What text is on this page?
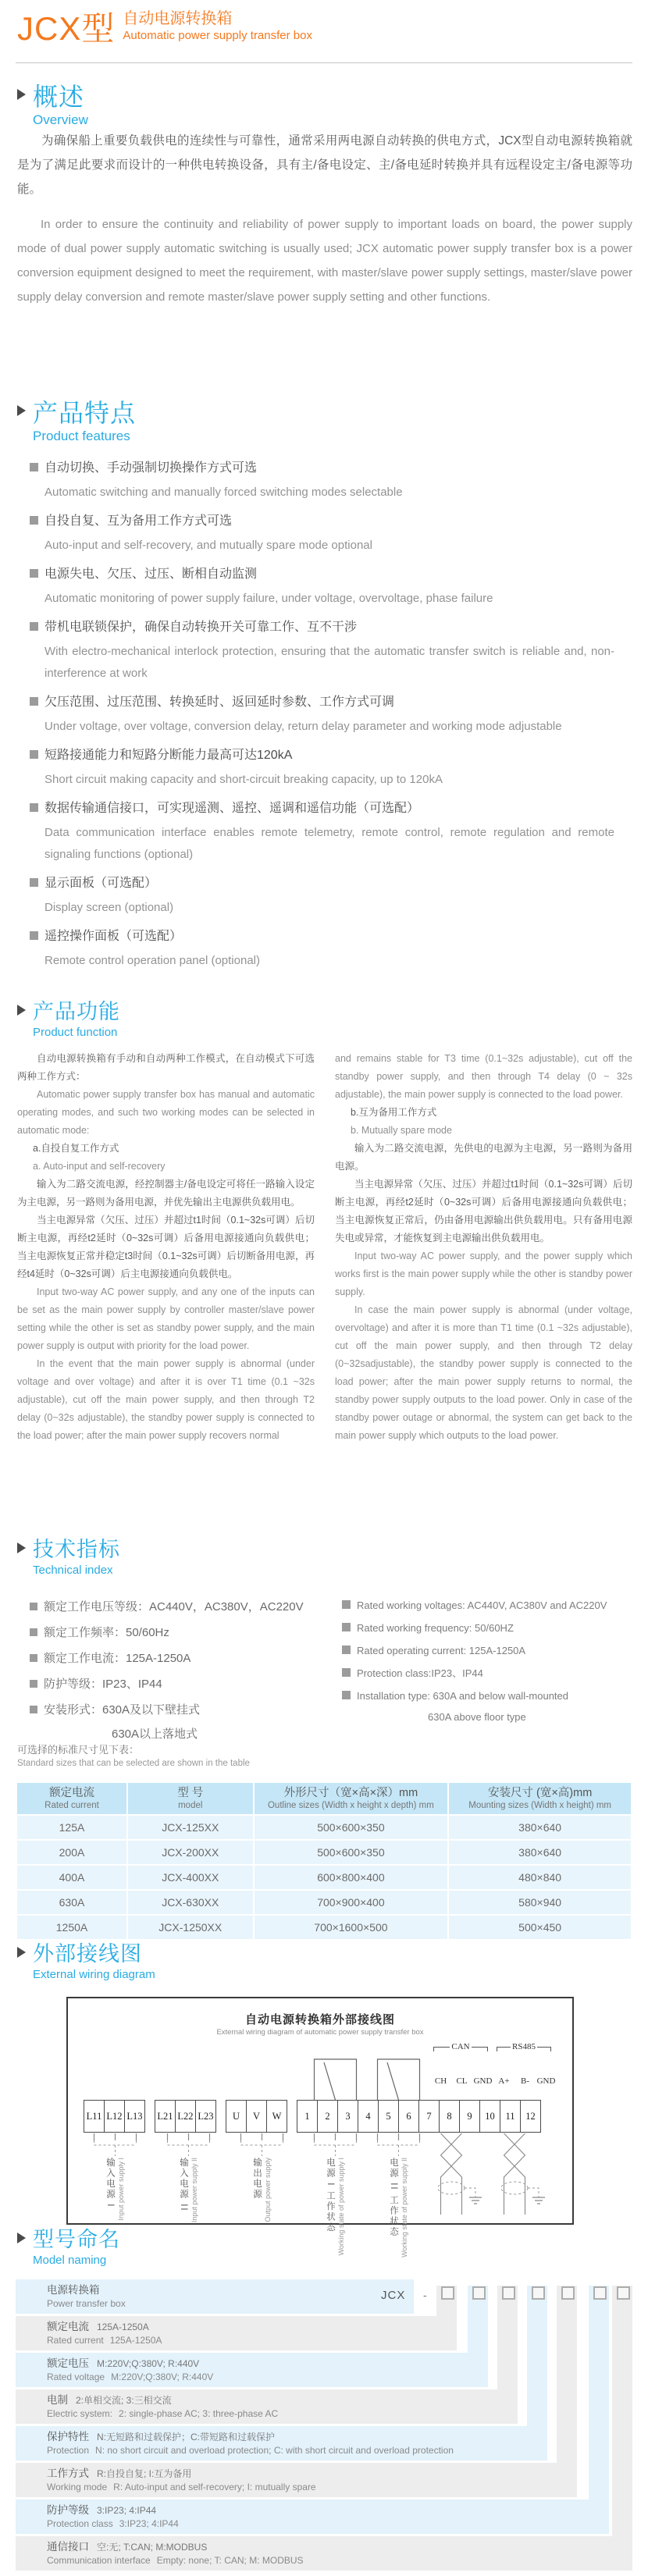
JCX型 自动电源转换箱
Automatic power supply transfer box
概述
Overview

为确保船上重要负载供电的连续性与可靠性，通常采用两电源自动转换的供电方式，JCX型自动电源转换箱就是为了满足此要求而设计的一种供电转换设备，具有主/备电设定、主/备电延时转换并具有远程设定主/备电源等功能。

In order to ensure the continuity and reliability of power supply to important loads on board, the power supply mode of dual power supply automatic switching is usually used; JCX automatic power supply transfer box is a power conversion equipment designed to meet the requirement, with master/slave power supply settings, master/slave power supply delay conversion and remote master/slave power supply setting and other functions.

产品特点
Product features
自动切换、手动强制切换操作方式可选
Automatic switching and manually forced switching modes selectable
自投自复、互为备用工作方式可选
Auto-input and self-recovery, and mutually spare mode optional
电源失电、欠压、过压、断相自动监测
Automatic monitoring of power supply failure, under voltage, overvoltage, phase failure
带机电联锁保护，确保自动转换开关可靠工作、互不干涉
With electro-mechanical interlock protection, ensuring that the automatic transfer switch is reliable and, non-interference at work
欠压范围、过压范围、转换延时、返回延时参数、工作方式可调
Under voltage, over voltage, conversion delay, return delay parameter and working mode adjustable
短路接通能力和短路分断能力最高可达120kA
Short circuit making capacity and short-circuit breaking capacity, up to 120kA
数据传输通信接口，可实现遥测、遥控、遥调和遥信功能（可选配）
Data communication interface enables remote telemetry, remote control, remote regulation and remote signaling functions (optional)
显示面板（可选配）
Display screen (optional)
遥控操作面板（可选配）
Remote control operation panel (optional)
产品功能
Product function

自动电源转换箱有手动和自动两种工作模式，在自动模式下可选两种工作方式：

Automatic power supply transfer box has manual and automatic operating modes, and such two working modes can be selected in automatic mode:

a.自投自复工作方式

a. Auto-input and self-recovery

输入为二路交流电源，经控制器主/备电设定可将任一路输入设定为主电源，另一路则为备用电源，并优先输出主电源供负载用电。

当主电源异常（欠压、过压）并超过t1时间（0.1~32s可调）后切断主电源，再经t2延时（0~32s可调）后备用电源接通向负载供电；当主电源恢复正常并稳定t3时间（0.1~32s可调）后切断备用电源，再经t4延时（0~32s可调）后主电源接通向负载供电。

Input two-way AC power supply, and any one of the inputs can be set as the main power supply by controller master/slave power setting while the other is set as standby power supply, and the main power supply is output with priority for the load power.

In the event that the main power supply is abnormal (under voltage and over voltage) and after it is over T1 time (0.1 ~32s adjustable), cut off the main power supply, and then through T2 delay (0~32s adjustable), the standby power supply is connected to the load power; after the main power supply recovers normal

and remains stable for T3 time (0.1~32s adjustable), cut off the standby power supply, and then through T4 delay (0 ~ 32s adjustable), the main power supply is connected to the load power.

b.互为备用工作方式

b. Mutually spare mode

输入为二路交流电源，先供电的电源为主电源，另一路则为备用电源。

当主电源异常（欠压、过压）并超过t1时间（0.1~32s可调）后切断主电源，再经t2延时（0~32s可调）后备用电源接通向负载供电；当主电源恢复正常后，仍由备用电源输出供负载用电。只有备用电源失电或异常，才能恢复到主电源输出供负载用电。

Input two-way AC power supply, and the power supply which works first is the main power supply while the other is standby power supply.

In case the main power supply is abnormal (under voltage, overvoltage) and after it is more than T1 time (0.1 ~32s adjustable), cut off the main power supply, and then through T2 delay (0~32sadjustable), the standby power supply is connected to the load power; after the main power supply returns to normal, the standby power supply outputs to the load power. Only in case of the standby power outage or abnormal, the system can get back to the main power supply which outputs to the load power.

技术指标
Technical index
额定工作电压等级：AC440V，AC380V，AC220V
额定工作频率：50/60Hz
额定工作电流：125A-1250A
防护等级：IP23、IP44
安装形式：630A及以下壁挂式
630A以上落地式
Rated working voltages: AC440V, AC380V and AC220V
Rated working frequency: 50/60HZ
Rated operating current: 125A-1250A
Protection class:IP23、IP44
Installation type: 630A and below wall-mounted
630A above floor type
可选择的标准尺寸见下表：
Standard sizes that can be selected are shown in the table
额定电流
Rated current	型 号
model	外形尺寸（宽×高×深）mm
Outline sizes (Width x height x depth) mm	安装尺寸 (宽×高)mm
Mounting sizes (Width x height) mm

125A	JCX-125XX	500×600×350	380×640
200A	JCX-200XX	500×600×350	380×640
400A	JCX-400XX	600×800×400	480×840
630A	JCX-630XX	700×900×400	580×940
1250A	JCX-1250XX	700×1600×500	500×450
外部接线图
External wiring diagram
自动电源转换箱外部接线图
External wiring diagram of automatic power supply transfer box
CAN	RS485
CH	CL GND A+	B- GND
L11 L12 L13 L21 L22 L23	U	V	W	1	2	3	4	5	6	7	8	9	10	11	12
输入电源 I Input power supply I	输入电源 II Input power supply II	输出电源 Output power supply	电源 I 工作状态 Working state of power supply I	电源 II 工作状态 Working state of power supply II
型号命名
Model naming
电源转换箱
Power transfer box
JCX -
额定电流 125A-1250A
Rated current 125A-1250A
额定电压 M:220V;Q:380V; R:440V
Rated voltage M:220V;Q:380V; R:440V
电制 2:单相交流; 3:三相交流
Electric system: 2: single-phase AC; 3: three-phase AC
保护特性 N:无短路和过载保护；C:带短路和过载保护
Protection N: no short circuit and overload protection; C: with short circuit and overload protection
工作方式 R:自投自复; I:互为备用
Working mode R: Auto-input and self-recovery; I: mutually spare
防护等级 3:IP23; 4:IP44
Protection class 3:IP23; 4:IP44
通信接口 空:无; T:CAN; M:MODBUS
Communication interface Empty: none; T: CAN; M: MODBUS
